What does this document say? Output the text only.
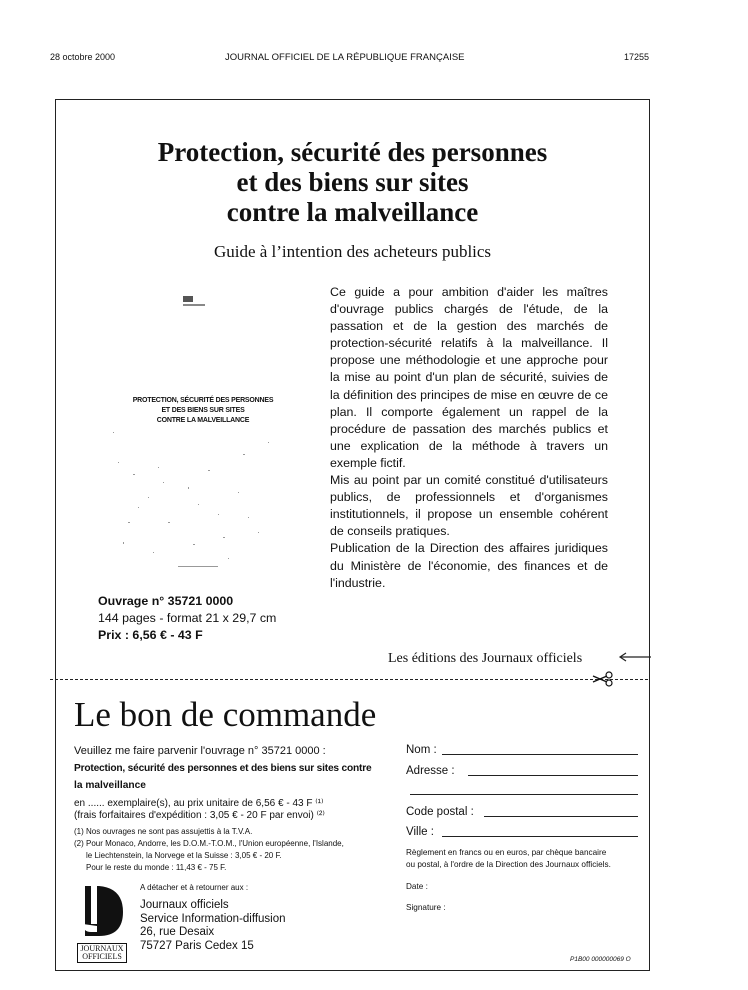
28 octobre 2000	JOURNAL OFFICIEL DE LA RÉPUBLIQUE FRANÇAISE	17255
Protection, sécurité des personnes
et des biens sur sites
contre la malveillance
Guide à l’intention des acheteurs publics
PROTECTION, SÉCURITÉ DES PERSONNES
ET DES BIENS SUR SITES
CONTRE LA MALVEILLANCE

Ce guide a pour ambition d'aider les maîtres d'ouvrage publics chargés de l'étude, de la passation et de la gestion des marchés de protection-sécurité relatifs à la malveillance. Il propose une méthodologie et une approche pour la mise au point d'un plan de sécurité, suivies de la définition des principes de mise en œuvre de ce plan. Il comporte également un rappel de la procédure de passation des marchés publics et une explication de la méthode à travers un exemple fictif.

Mis au point par un comité constitué d'utilisateurs publics, de professionnels et d'organismes institutionnels, il propose un ensemble cohérent de conseils pratiques.

Publication de la Direction des affaires juridiques du Ministère de l'économie, des finances et de l'industrie.

Ouvrage n° 35721 0000
144 pages - format 21 x 29,7 cm
Prix : 6,56 € - 43 F
Les éditions des Journaux officiels
Le bon de commande
Veuillez me faire parvenir l'ouvrage n° 35721 0000 :
Protection, sécurité des personnes et des biens sur sites contre
la malveillance
en ...... exemplaire(s), au prix unitaire de 6,56 € - 43 F ⁽¹⁾
(frais forfaitaires d'expédition : 3,05 € - 20 F par envoi) ⁽²⁾
(1) Nos ouvrages ne sont pas assujettis à la T.V.A.
(2) Pour Monaco, Andorre, les D.O.M.-T.O.M., l'Union européenne, l'Islande,
le Liechtenstein, la Norvege et la Suisse : 3,05 € - 20 F.
Pour le reste du monde : 11,43 € - 75 F.
A détacher et à retourner aux :
JOURNAUX
OFFICIELS
Journaux officiels
Service Information-diffusion
26, rue Desaix
75727 Paris Cedex 15
Nom :
Adresse :
Code postal :
Ville :
Règlement en francs ou en euros, par chèque bancaire
ou postal, à l'ordre de la Direction des Journaux officiels.
Date :
Signature :
P1B00 000000069 O
